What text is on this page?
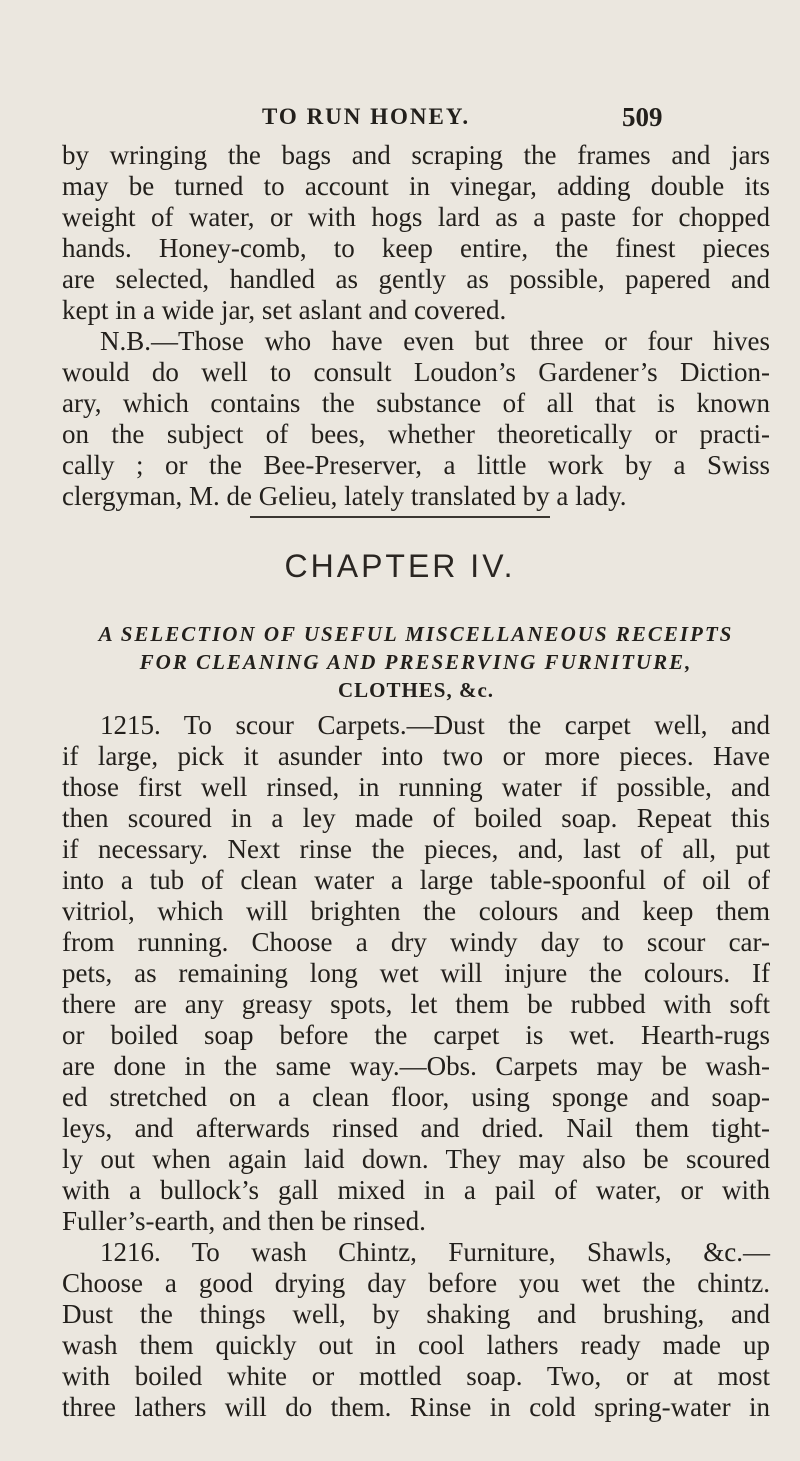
TO RUN HONEY.	509
by wringing the bags and scraping the frames and jars
may be turned to account in vinegar, adding double its
weight of water, or with hogs lard as a paste for chopped
hands. Honey-comb, to keep entire, the finest pieces
are selected, handled as gently as possible, papered and
kept in a wide jar, set aslant and covered.
N.B.—Those who have even but three or four hives
would do well to consult Loudon’s Gardener’s Diction-
ary, which contains the substance of all that is known
on the subject of bees, whether theoretically or practi-
cally ; or the Bee-Preserver, a little work by a Swiss
clergyman, M. de Gelieu, lately translated by a lady.
CHAPTER IV.
A SELECTION OF USEFUL MISCELLANEOUS RECEIPTS
FOR CLEANING AND PRESERVING FURNITURE,
CLOTHES, &c.
1215. To scour Carpets.—Dust the carpet well, and
if large, pick it asunder into two or more pieces. Have
those first well rinsed, in running water if possible, and
then scoured in a ley made of boiled soap. Repeat this
if necessary. Next rinse the pieces, and, last of all, put
into a tub of clean water a large table-spoonful of oil of
vitriol, which will brighten the colours and keep them
from running. Choose a dry windy day to scour car-
pets, as remaining long wet will injure the colours. If
there are any greasy spots, let them be rubbed with soft
or boiled soap before the carpet is wet. Hearth-rugs
are done in the same way.—Obs. Carpets may be wash-
ed stretched on a clean floor, using sponge and soap-
leys, and afterwards rinsed and dried. Nail them tight-
ly out when again laid down. They may also be scoured
with a bullock’s gall mixed in a pail of water, or with
Fuller’s-earth, and then be rinsed.
1216. To wash Chintz, Furniture, Shawls, &c.—
Choose a good drying day before you wet the chintz.
Dust the things well, by shaking and brushing, and
wash them quickly out in cool lathers ready made up
with boiled white or mottled soap. Two, or at most
three lathers will do them. Rinse in cold spring-water in
